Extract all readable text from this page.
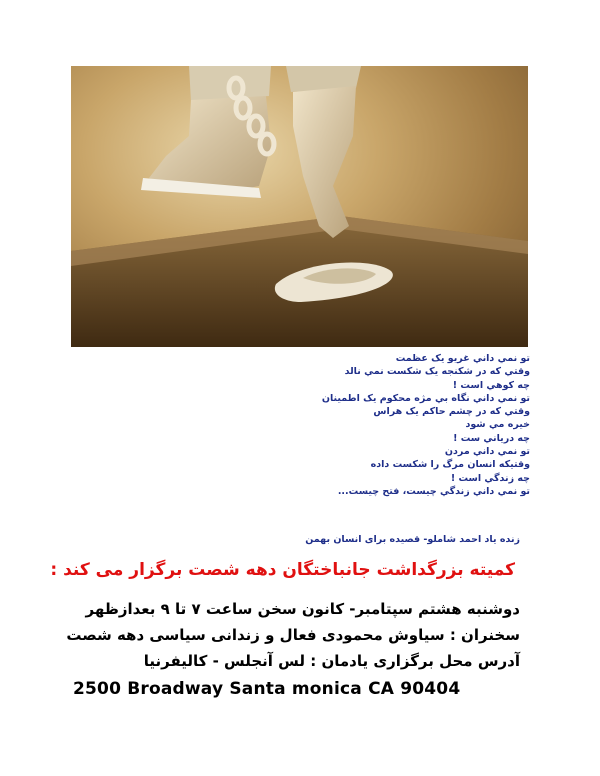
تو نمي داني غريو يک عظمت
وقتي که در شکنجه يک شکست نمي نالد
چه کوهي است !
تو نمي داني نگاه بي مژه محکوم يک اطمينان
وقتي که در چشم حاکم يک هراس
خيره مي شود
چه درياني ست !
تو نمي داني مردن
وقتيکه انسان مرگ را شکست داده
چه زندگي است !
تو نمي داني زندگي چيست، فتح چيست...
زنده یاد احمد شاملو- قصیده برای انسان بهمن
کمیته بزرگداشت جانباختگان دهه شصت برگزار می کند :
دوشنبه هشتم سپتامبر- کانون سخن ساعت ۷ تا ۹ بعدازظهر
سخنران : سیاوش محمودی فعال و زندانی سیاسی دهه شصت
آدرس محل برگزاری یادمان : لس آنجلس - کالیفرنیا
2500 Broadway Santa monica CA 90404
